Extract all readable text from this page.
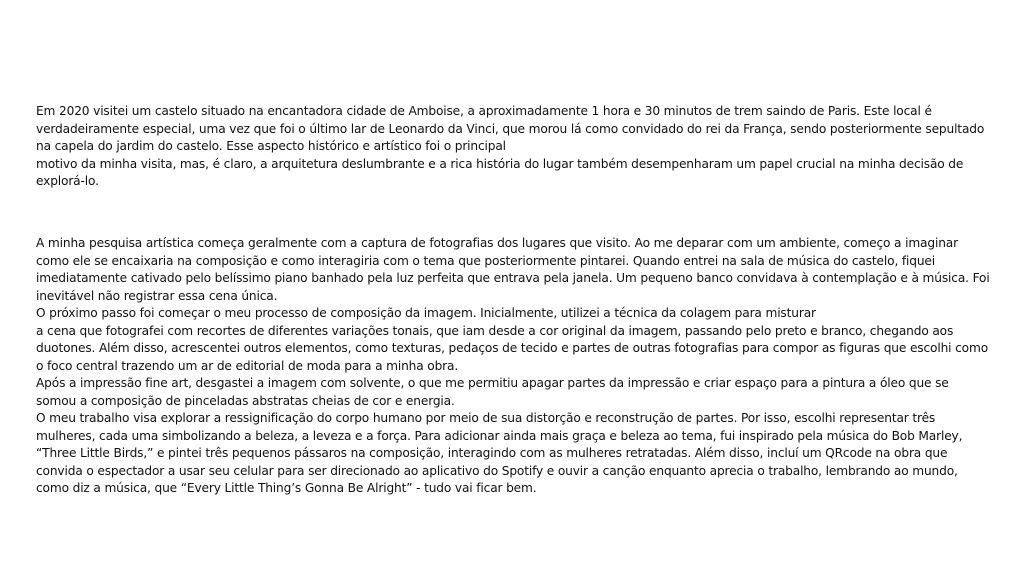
Em 2020 visitei um castelo situado na encantadora cidade de Amboise, a aproximadamente 1 hora e 30 minutos de trem saindo de Paris. Este local é verdadeiramente especial, uma vez que foi o último lar de Leonardo da Vinci, que morou lá como convidado do rei da França, sendo posteriormente sepultado na capela do jardim do castelo. Esse aspecto histórico e artístico foi o principal

motivo da minha visita, mas, é claro, a arquitetura deslumbrante e a rica história do lugar também desempenharam um papel crucial na minha decisão de explorá-lo.

A minha pesquisa artística começa geralmente com a captura de fotografias dos lugares que visito. Ao me deparar com um ambiente, começo a imaginar como ele se encaixaria na composição e como interagiria com o tema que posteriormente pintarei. Quando entrei na sala de música do castelo, fiquei imediatamente cativado pelo belíssimo piano banhado pela luz perfeita que entrava pela janela. Um pequeno banco convidava à contemplação e à música. Foi inevitável não registrar essa cena única.

O próximo passo foi começar o meu processo de composição da imagem. Inicialmente, utilizei a técnica da colagem para misturar

a cena que fotografei com recortes de diferentes variações tonais, que iam desde a cor original da imagem, passando pelo preto e branco, chegando aos duotones. Além disso, acrescentei outros elementos, como texturas, pedaços de tecido e partes de outras fotografias para compor as figuras que escolhi como o foco central trazendo um ar de editorial de moda para a minha obra.

Após a impressão fine art, desgastei a imagem com solvente, o que me permitiu apagar partes da impressão e criar espaço para a pintura a óleo que se somou a composição de pinceladas abstratas cheias de cor e energia.

O meu trabalho visa explorar a ressignificação do corpo humano por meio de sua distorção e reconstrução de partes. Por isso, escolhi representar três mulheres, cada uma simbolizando a beleza, a leveza e a força. Para adicionar ainda mais graça e beleza ao tema, fui inspirado pela música do Bob Marley, “Three Little Birds,” e pintei três pequenos pássaros na composição, interagindo com as mulheres retratadas. Além disso, incluí um QRcode na obra que convida o espectador a usar seu celular para ser direcionado ao aplicativo do Spotify e ouvir a canção enquanto aprecia o trabalho, lembrando ao mundo, como diz a música, que “Every Little Thing’s Gonna Be Alright” - tudo vai ficar bem.
